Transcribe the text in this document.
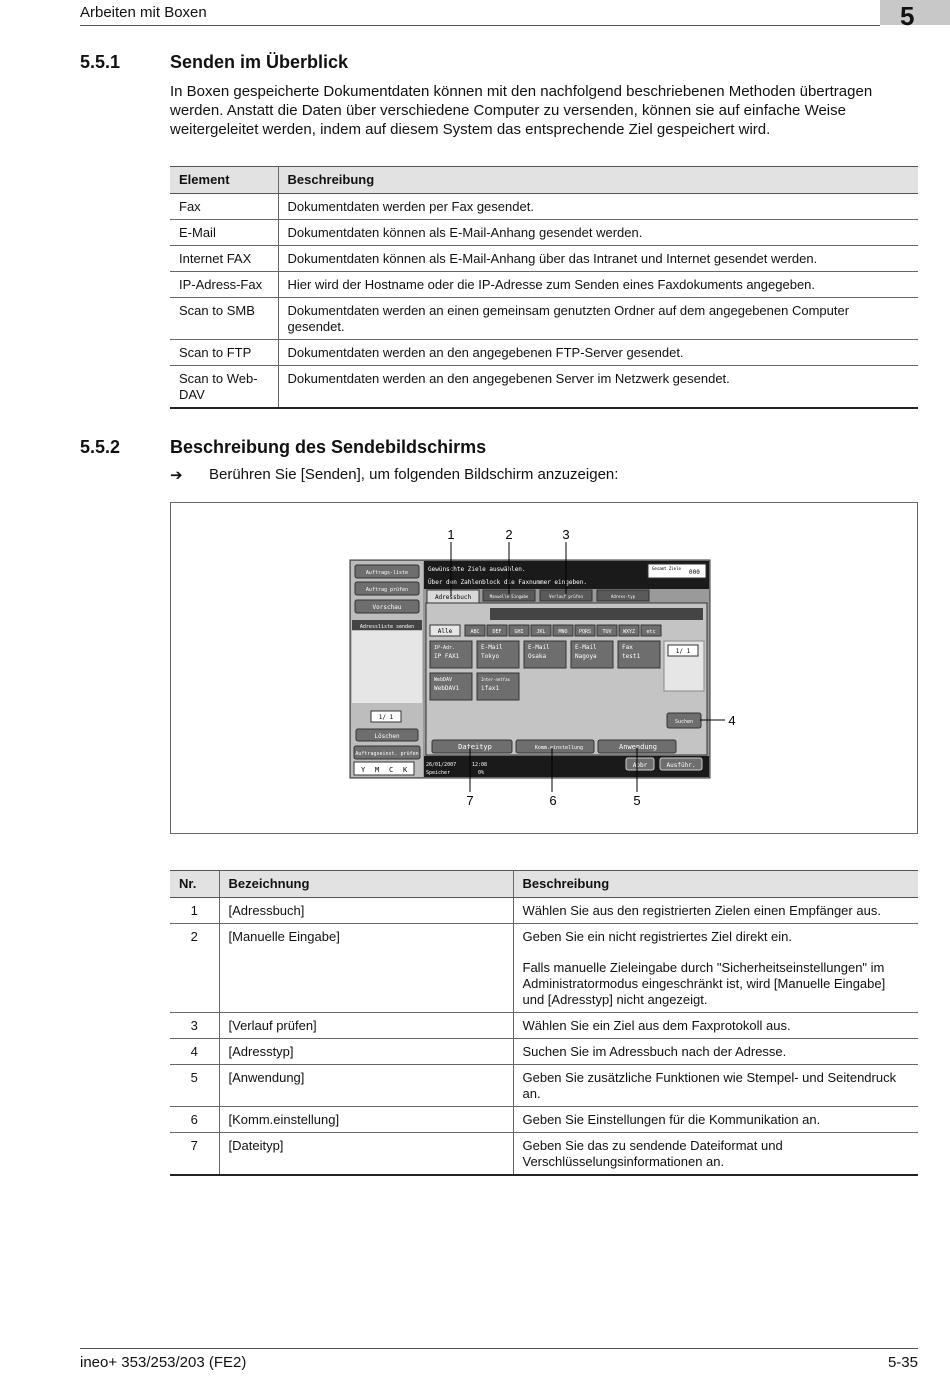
Arbeiten mit Boxen	5
5.5.1	Senden im Überblick
In Boxen gespeicherte Dokumentdaten können mit den nachfolgend beschriebenen Methoden übertragen werden. Anstatt die Daten über verschiedene Computer zu versenden, können sie auf einfache Weise weitergeleitet werden, indem auf diesem System das entsprechende Ziel gespeichert wird.
Element	Beschreibung
Fax	Dokumentdaten werden per Fax gesendet.
E-Mail	Dokumentdaten können als E-Mail-Anhang gesendet werden.
Internet FAX	Dokumentdaten können als E-Mail-Anhang über das Intranet und Internet gesendet werden.
IP-Adress-Fax	Hier wird der Hostname oder die IP-Adresse zum Senden eines Faxdokuments angegeben.
Scan to SMB	Dokumentdaten werden an einen gemeinsam genutzten Ordner auf dem angegebenen Computer gesendet.
Scan to FTP	Dokumentdaten werden an den angegebenen FTP-Server gesendet.
Scan to Web-DAV	Dokumentdaten werden an den angegebenen Server im Netzwerk gesendet.
5.5.2	Beschreibung des Sendebildschirms
➔ Berühren Sie [Senden], um folgenden Bildschirm anzuzeigen:
Auftrags-liste
Auftrag prüfen
Vorschau
Adressliste senden
1/ 1
Löschen
Auftragseinst. prüfen
Y M C K
Gewünschte Ziele auswählen.
Über den Zahlenblock die Faxnummer eingeben.
Gesamt Ziele
000
Adressbuch	Manuelle Eingabe	Verlauf prüfen	Adress-typ
Alle	ABC	DEF	GHI	JKL	MNO PQRS TUV WXYZ etc
IP-Adr.
IP FAX1
E-Mail
Tokyo
E-Mail
Osaka
E-Mail
Nagoya
Fax
test1
WebDAV
WebDAV1
Inter-netfax
ifax1
1/ 1
Suchen
Dateityp	Komm.einstellung	Anwendung
26/01/2007	12:08
Speicher	0%
Abbr	Ausführ.
1	2	3
4
5
6
7
Nr.	Bezeichnung	Beschreibung
1	[Adressbuch]	Wählen Sie aus den registrierten Zielen einen Empfänger aus.
2	[Manuelle Eingabe]	Geben Sie ein nicht registriertes Ziel direkt ein.
Falls manuelle Zieleingabe durch "Sicherheitseinstellungen" im Administratormodus eingeschränkt ist, wird [Manuelle Eingabe] und [Adresstyp] nicht angezeigt.

3	[Verlauf prüfen]	Wählen Sie ein Ziel aus dem Faxprotokoll aus.
4	[Adresstyp]	Suchen Sie im Adressbuch nach der Adresse.
5	[Anwendung]	Geben Sie zusätzliche Funktionen wie Stempel- und Seitendruck an.
6	[Komm.einstellung]	Geben Sie Einstellungen für die Kommunikation an.
7	[Dateityp]	Geben Sie das zu sendende Dateiformat und Verschlüsselungsinformationen an.
ineo+ 353/253/203 (FE2)	5-35
